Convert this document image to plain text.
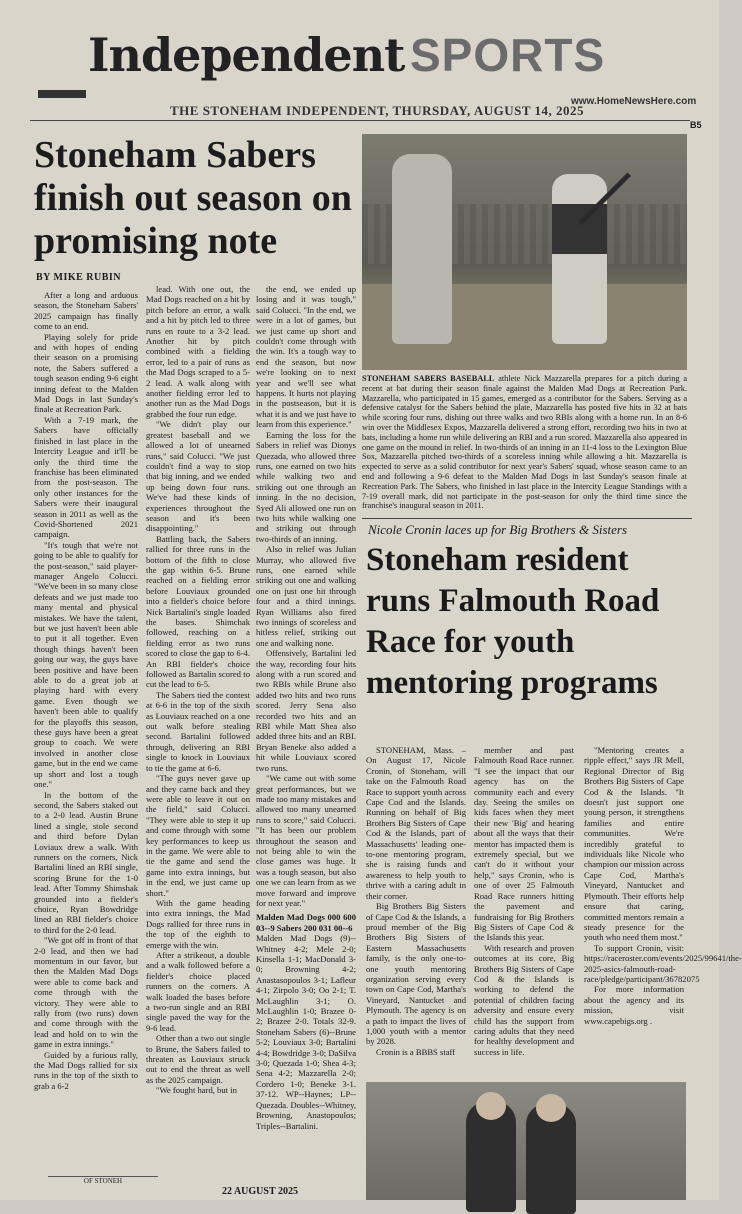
Independent SPORTS
www.HomeNewsHere.com
THE STONEHAM INDEPENDENT, THURSDAY, AUGUST 14, 2025
B5
Stoneham Sabers finish out season on promising note
BY MIKE RUBIN

After a long and arduous season, the Stoneham Sabers' 2025 campaign has finally come to an end.

Playing solely for pride and with hopes of ending their season on a promising note, the Sabers suffered a tough season ending 9-6 eight inning defeat to the Malden Mad Dogs in last Sunday's finale at Recreation Park.

With a 7-19 mark, the Sabers have officially finished in last place in the Intercity League and it'll be only the third time the franchise has been eliminated from the post-season. The only other instances for the Sabers were their inaugural season in 2011 as well as the Covid-Shortened 2021 campaign.

"It's tough that we're not going to be able to qualify for the post-season," said player-manager Angelo Colucci. "We've been in so many close defeats and we just made too many mental and physical mistakes. We have the talent, but we just haven't been able to put it all together. Even though things haven't been going our way, the guys have been positive and have been able to do a great job at playing hard with every game. Even though we haven't been able to qualify for the playoffs this season, these guys have been a great group to coach. We were involved in another close game, but in the end we came up short and lost a tough one."

In the bottom of the second, the Sabers staked out to a 2-0 lead. Austin Brune lined a single, stole second and third before Dylan Loviaux drew a walk. With runners on the corners, Nick Bartalini lined an RBI single, scoring Brune for the 1-0 lead. After Tommy Shimshak grounded into a fielder's choice, Ryan Bowdridge lined an RBI fielder's choice to third for the 2-0 lead.

"We got off in front of that 2-0 lead, and then we had momentum in our favor, but then the Malden Mad Dogs were able to come back and come through with the victory. They were able to rally from (two runs) down and come through with the lead and hold on to win the game in extra innings."

Guided by a furious rally, the Mad Dogs rallied for six runs in the top of the sixth to grab a 6-2

lead. With one out, the Mad Dogs reached on a hit by pitch before an error, a walk and a hit by pitch led to three runs en route to a 3-2 lead. Another hit by pitch combined with a fielding error, led to a pair of runs as the Mad Dogs scraped to a 5-2 lead. A walk along with another fielding error led to another run as the Mad Dogs grabbed the four run edge.

"We didn't play our greatest baseball and we allowed a lot of unearned runs," said Colucci. "We just couldn't find a way to stop that big inning, and we ended up being down four runs. We've had these kinds of experiences throughout the season and it's been disappointing."

Battling back, the Sabers rallied for three runs in the bottom of the fifth to close the gap within 6-5. Brune reached on a fielding error before Louviaux grounded into a fielder's choice before Nick Bartalini's single loaded the bases. Shimchak followed, reaching on a fielding error as two runs scored to close the gap to 6-4. An RBI fielder's choice followed as Bartalin scored to cut the lead to 6-5.

The Sabers tied the contest at 6-6 in the top of the sixth as Louviaux reached on a one out walk before stealing second. Bartalini followed through, delivering an RBI single to knock in Louviaux to tie the game at 6-6.

"The guys never gave up and they came back and they were able to leave it out on the field," said Colucci. "They were able to step it up and come through with some key performances to keep us in the game. We were able to tie the game and send the game into extra innings, but in the end, we just came up short."

With the game heading into extra innings, the Mad Dogs rallied for three runs in the top of the eighth to emerge with the win.

After a strikeout, a double and a walk followed before a fielder's choice placed runners on the corners. A walk loaded the bases before a two-run single and an RBI single paved the way for the 9-6 lead.

Other than a two out single to Brune, the Sabers failed to threaten as Louviaux struck out to end the threat as well as the 2025 campaign.

"We fought hard, but in

the end, we ended up losing and it was tough," said Colucci. "In the end, we were in a lot of games, but we just came up short and couldn't come through with the win. It's a tough way to end the season, but now we're looking on to next year and we'll see what happens. It hurts not playing in the postseason, but it is what it is and we just have to learn from this experience."

Earning the loss for the Sabers in relief was Dionys Quezada, who allowed three runs, one earned on two hits while walking two and striking out one through an inning. In the no decision, Syed Ali allowed one run on two hits while walking one and striking out through two-thirds of an inning.

Also in relief was Julian Murray, who allowed five runs, one earned while striking out one and walking one on just one hit through four and a third innings. Ryan Williams also fired two innings of scoreless and hitless relief, striking out one and walking none.

Offensively, Bartalini led the way, recording four hits along with a run scored and two RBIs while Brune also added two hits and two runs scored. Jerry Sena also recorded two hits and an RBI while Matt Shea also added three hits and an RBI. Bryan Beneke also added a hit while Louviaux scored two runs.

"We came out with some great performances, but we made too many mistakes and allowed too many unearned runs to score," said Colucci. "It has been our problem throughout the season and not being able to win the close games was huge. It was a tough season, but also one we can learn from as we move forward and improve for next year."

Malden Mad Dogs 000 600 03--9 Sabers 200 031 00--6
Malden Mad Dogs (9)--Whitney 4-2; Mele 2-0; Kinsella 1-1; MacDonald 3-0; Browning 4-2; Anastasopoulos 3-1; Lafleur 4-1; Zirpolo 3-0; Oo 2-1; T. McLaughlin 3-1; O. McLaughlin 1-0; Brazee 0-2; Brazee 2-0. Totals 32-9. Stoneham Sabers (6)--Brune 5-2; Louviaux 3-0; Bartalini 4-4; Bowdridge 3-0; DaSilva 3-0; Quezada 1-0; Shea 4-3; Sena 4-2; Mazzarella 2-0; Cordero 1-0; Beneke 3-1. 37-12. WP--Haynes; LP--Quezada. Doubles--Whitney, Browning, Anastopoulos; Triples--Bartalini.
STONEHAM SABERS BASEBALL athlete Nick Mazzarella prepares for a pitch during a recent at bat during their season finale against the Malden Mad Dogs at Recreation Park. Mazzarella, who participated in 15 games, emerged as a contributor for the Sabers. Serving as a defensive catalyst for the Sabers behind the plate, Mazzarella has posted five hits in 32 at bats while scoring four runs, dishing out three walks and two RBIs along with a home run. In an 8-6 win over the Middlesex Expos, Mazzarella delivered a strong effort, recording two hits in two at bats, including a home run while delivering an RBI and a run scored. Mazzarella also appeared in one game on the mound in relief. In two-thirds of an inning in an 11-4 loss to the Lexington Blue Sox, Mazzarella pitched two-thirds of a scoreless inning while allowing a hit. Mazzarella is expected to serve as a solid contributor for next year's Sabers' squad, whose season came to an end and following a 9-6 defeat to the Malden Mad Dogs in last Sunday's season finale at Recreation Park. The Sabers, who finished in last place in the Intercity League Standings with a 7-19 overall mark, did not participate in the post-season for only the third time since the franchise's inaugural season in 2011.
Nicole Cronin laces up for Big Brothers & Sisters
Stoneham resident runs Falmouth Road Race for youth mentoring programs

STONEHAM, Mass. – On August 17, Nicole Cronin, of Stoneham, will take on the Falmouth Road Race to support youth across Cape Cod and the Islands. Running on behalf of Big Brothers Big Sisters of Cape Cod & the Islands, part of Massachusetts' leading one-to-one mentoring program, she is raising funds and awareness to help youth to thrive with a caring adult in their corner.

Big Brothers Big Sisters of Cape Cod & the Islands, a proud member of the Big Brothers Big Sisters of Eastern Massachusetts family, is the only one-to-one youth mentoring organization serving every town on Cape Cod, Martha's Vineyard, Nantucket and Plymouth. The agency is on a path to impact the lives of 1,000 youth with a mentor by 2028.

Cronin is a BBBS staff

member and past Falmouth Road Race runner. "I see the impact that our agency has on the community each and every day. Seeing the smiles on kids faces when they meet their new 'Big' and hearing about all the ways that their mentor has impacted them is extremely special, but we can't do it without your help," says Cronin, who is one of over 25 Falmouth Road Race runners hitting the pavement and fundraising for Big Brothers Big Sisters of Cape Cod & the Islands this year.

With research and proven outcomes at its core, Big Brothers Big Sisters of Cape Cod & the Islands is working to defend the potential of children facing adversity and ensure every child has the support from caring adults that they need for healthy development and success in life.

"Mentoring creates a ripple effect," says JR Mell, Regional Director of Big Brothers Big Sisters of Cape Cod & the Islands. "It doesn't just support one young person, it strengthens families and entire communities. We're incredibly grateful to individuals like Nicole who champion our mission across Cape Cod, Martha's Vineyard, Nantucket and Plymouth. Their efforts help ensure that caring, committed mentors remain a steady presence for the youth who need them most."

To support Cronin, visit: https://raceroster.com/events/2025/99641/the-2025-asics-falmouth-road-race/pledge/participant/36782075

For more information about the agency and its mission, visit www.capebigs.org .

OF STONEH
22 AUGUST 2025
